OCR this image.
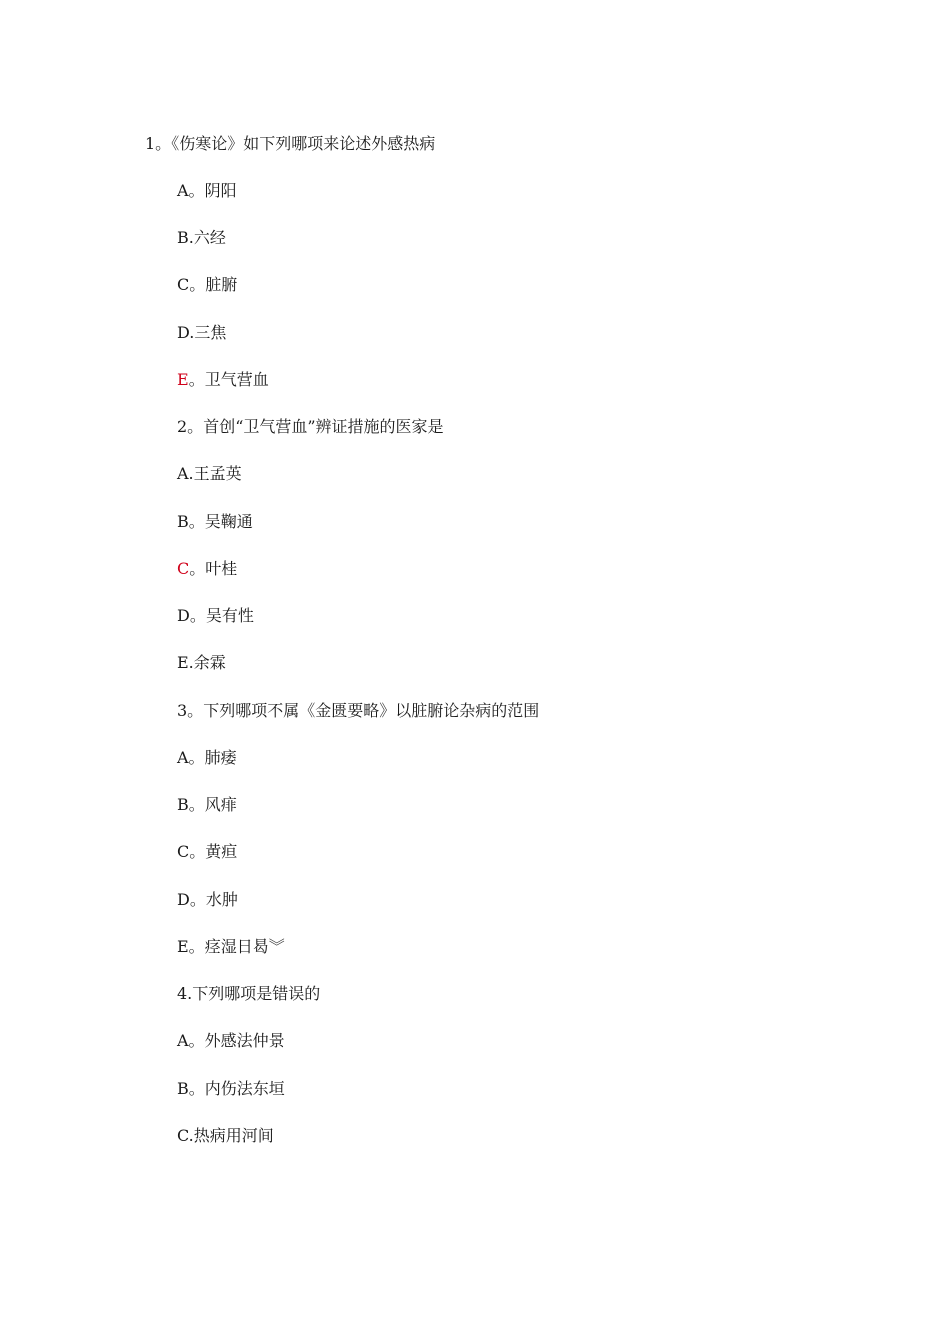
1。《伤寒论》如下列哪项来论述外感热病
A。阴阳
B.六经
C。脏腑
D.三焦
E。卫气营血
2。首创“卫气营血”辨证措施的医家是
A.王孟英
B。吴鞠通
C。叶桂
D。吴有性
E.余霖
3。下列哪项不属《金匮要略》以脏腑论杂病的范围
A。肺痿
B。风痱
C。黄疸
D。水肿
E。痉湿日曷︾
4.下列哪项是错误的
A。外感法仲景
B。内伤法东垣
C.热病用河间
